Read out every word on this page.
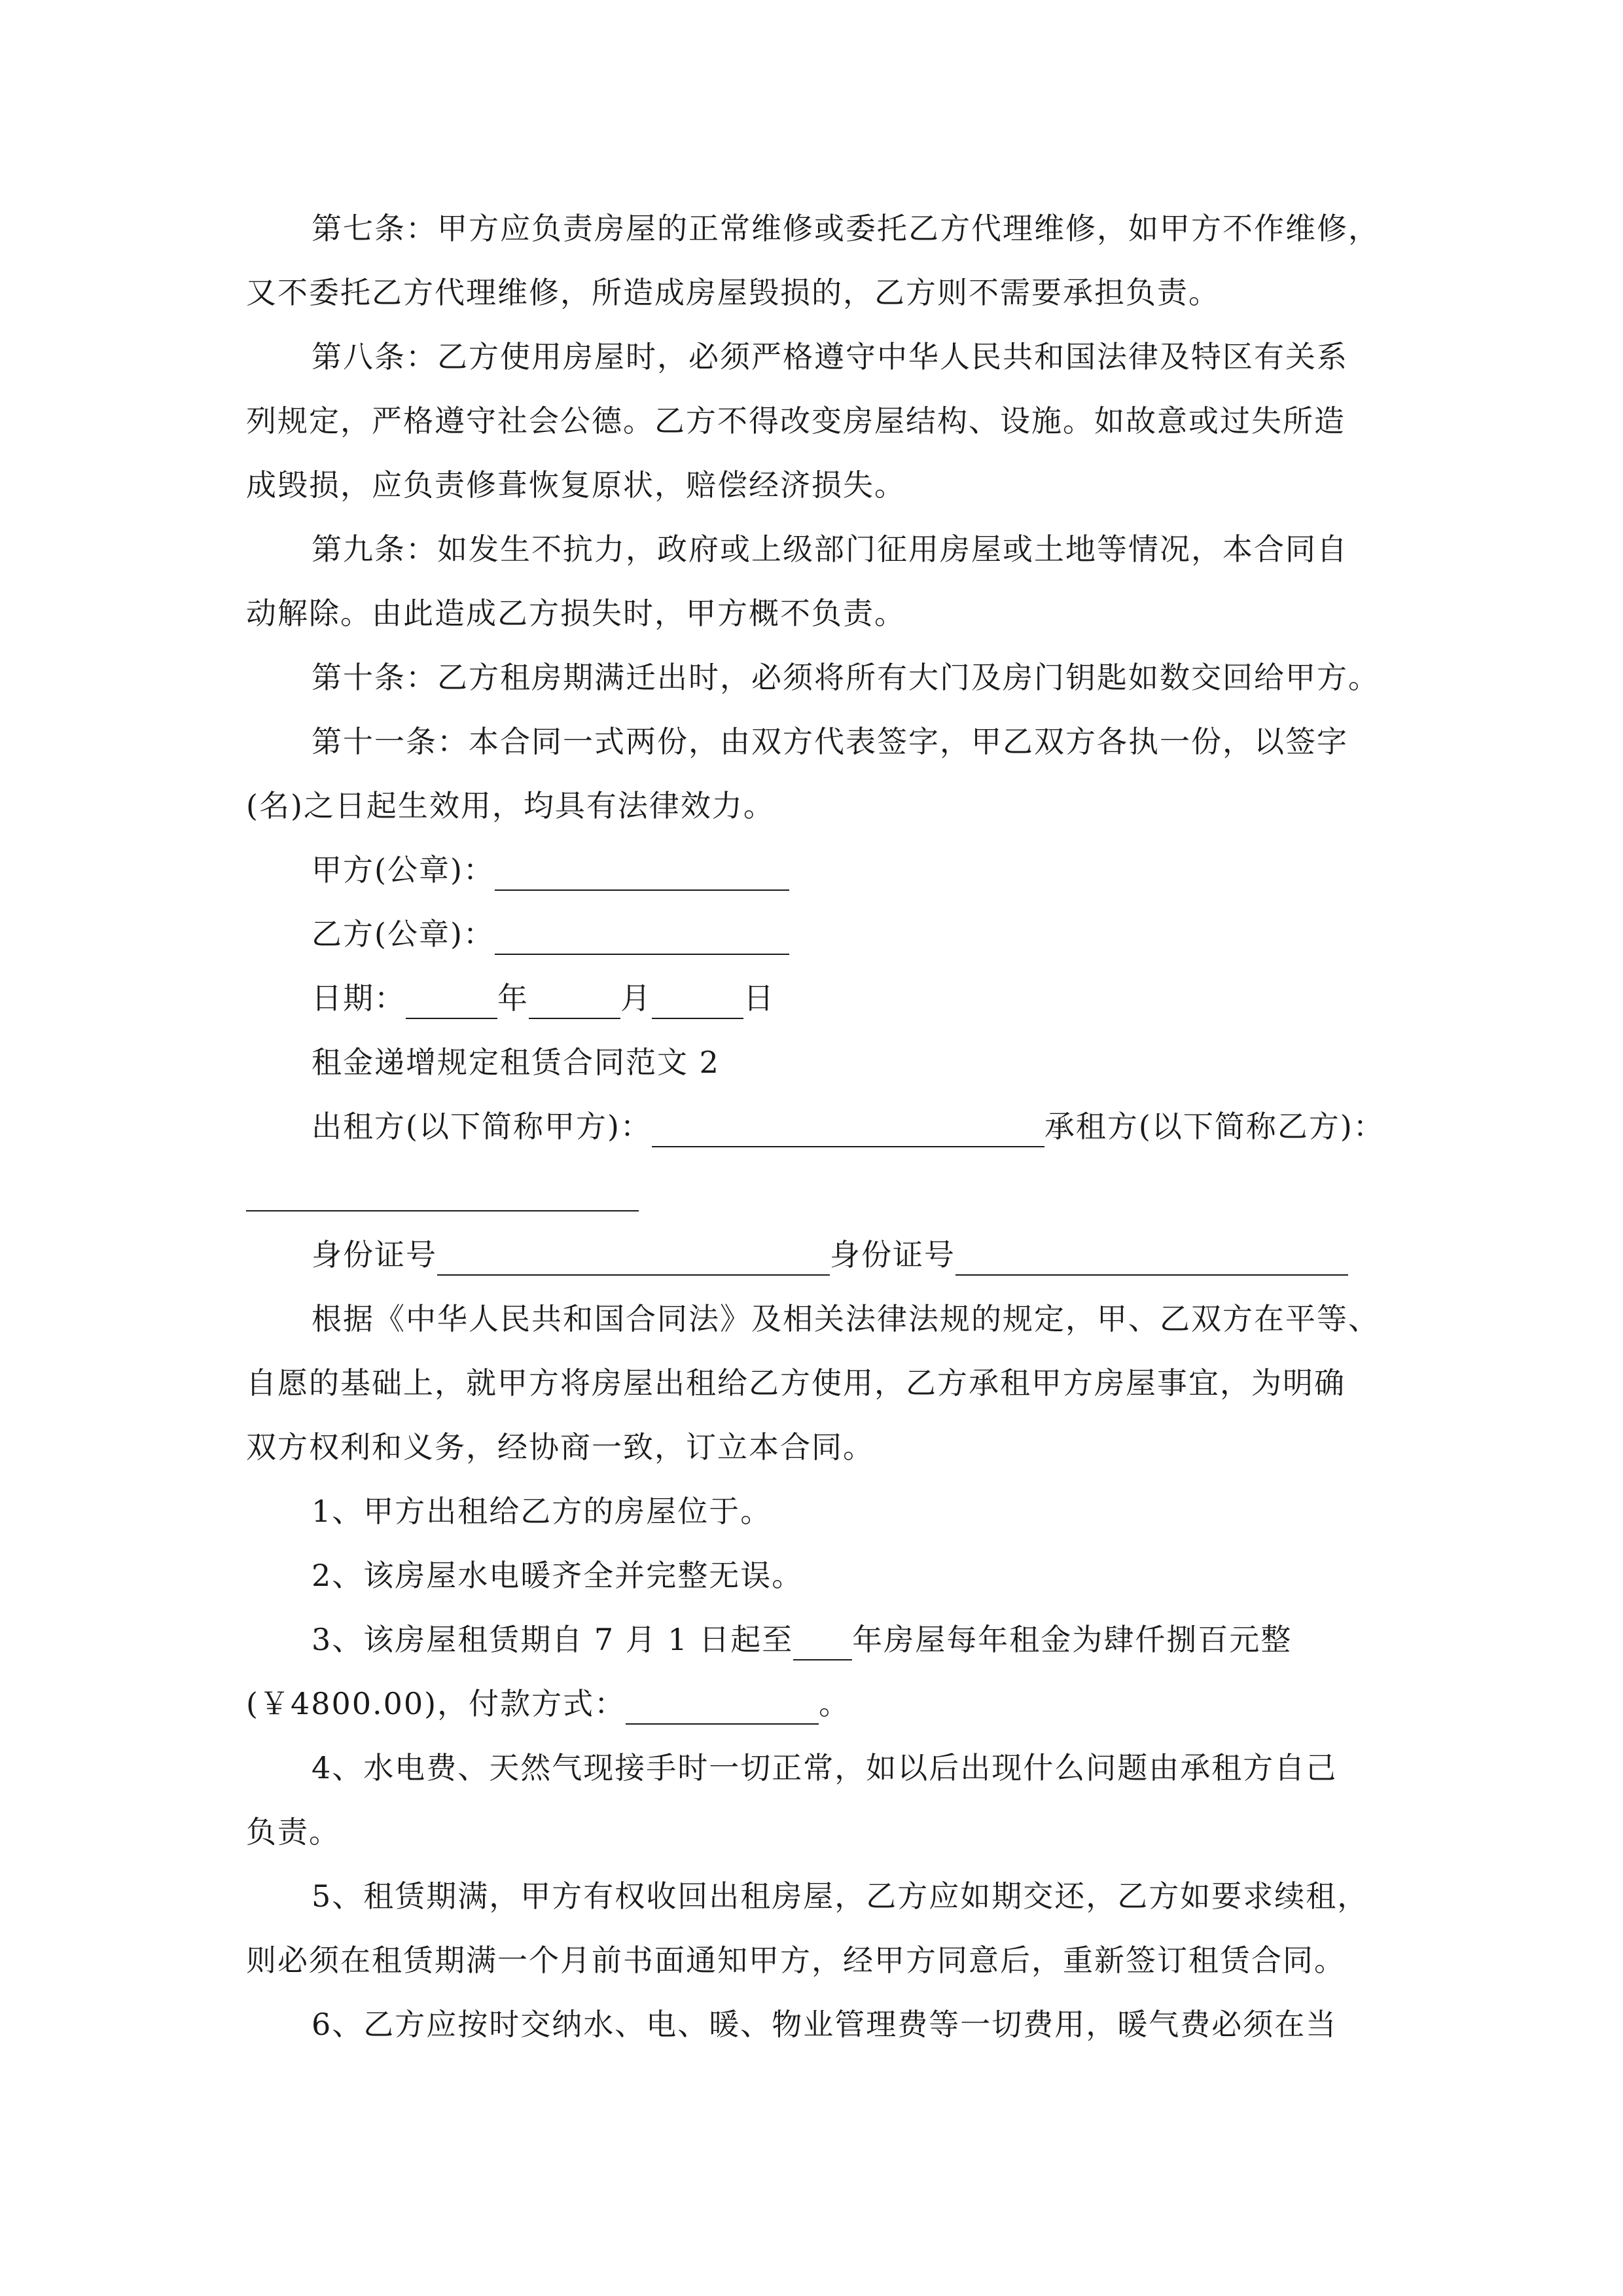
第七条：甲方应负责房屋的正常维修或委托乙方代理维修，如甲方不作维修，
又不委托乙方代理维修，所造成房屋毁损的，乙方则不需要承担负责。
第八条：乙方使用房屋时，必须严格遵守中华人民共和国法律及特区有关系
列规定，严格遵守社会公德。乙方不得改变房屋结构、设施。如故意或过失所造
成毁损，应负责修葺恢复原状，赔偿经济损失。
第九条：如发生不抗力，政府或上级部门征用房屋或土地等情况，本合同自
动解除。由此造成乙方损失时，甲方概不负责。
第十条：乙方租房期满迁出时，必须将所有大门及房门钥匙如数交回给甲方。
第十一条：本合同一式两份，由双方代表签字，甲乙双方各执一份，以签字
(名)之日起生效用，均具有法律效力。
甲方(公章)：
乙方(公章)：
日期：	年	月	日
租金递增规定租赁合同范文 2
出租方(以下简称甲方)：	承租方(以下简称乙方)：
身份证号	身份证号
根据《中华人民共和国合同法》及相关法律法规的规定，甲、乙双方在平等、
自愿的基础上，就甲方将房屋出租给乙方使用，乙方承租甲方房屋事宜，为明确
双方权利和义务，经协商一致，订立本合同。
1、甲方出租给乙方的房屋位于。
2、该房屋水电暖齐全并完整无误。
3、该房屋租赁期自 7 月 1 日起至 年房屋每年租金为肆仟捌百元整
(￥4800.00)，付款方式：	。
4、水电费、天然气现接手时一切正常，如以后出现什么问题由承租方自己
负责。
5、租赁期满，甲方有权收回出租房屋，乙方应如期交还，乙方如要求续租，
则必须在租赁期满一个月前书面通知甲方，经甲方同意后，重新签订租赁合同。
6、乙方应按时交纳水、电、暖、物业管理费等一切费用，暖气费必须在当
